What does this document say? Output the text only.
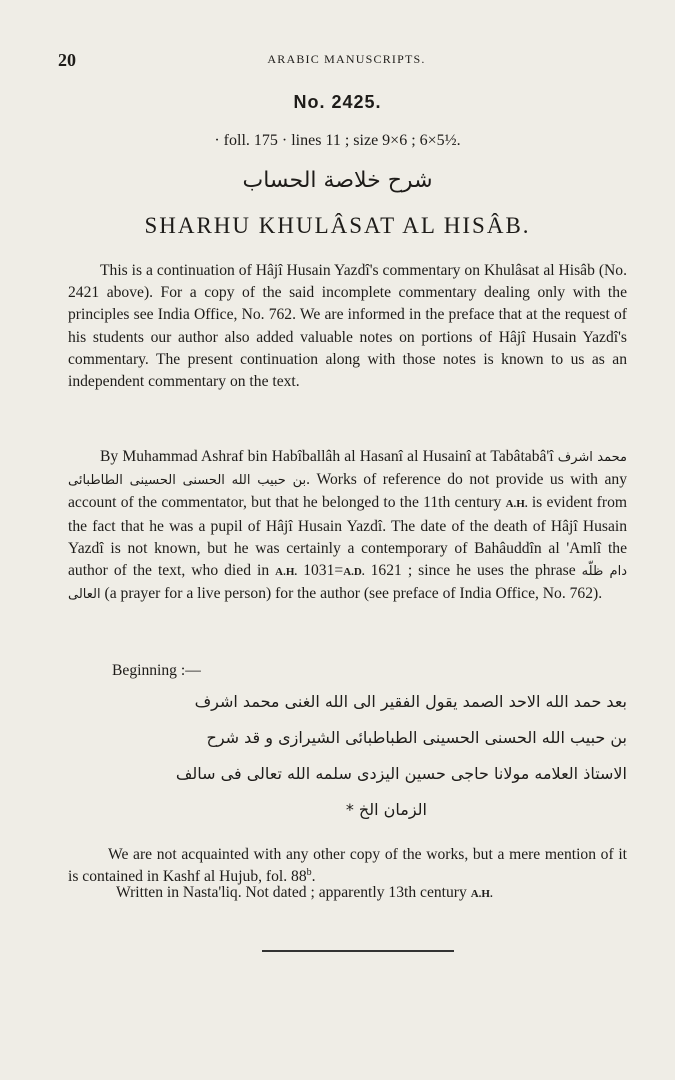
20	ARABIC MANUSCRIPTS.
No. 2425.
· foll. 175 · lines 11 ; size 9×6 ; 6×5½.
شرح خلاصة الحساب
SHARHU KHULÂSAT AL HISÂB.
This is a continuation of Hâjî Husain Yazdî's commentary on Khulâsat al Hisâb (No. 2421 above). For a copy of the said incomplete commentary dealing only with the principles see India Office, No. 762. We are informed in the preface that at the request of his students our author also added valuable notes on portions of Hâjî Husain Yazdî's commentary. The present continuation along with those notes is known to us as an independent commentary on the text.
By Muhammad Ashraf bin Habîballâh al Hasanî al Husainî at Tabâtabâ'î محمد اشرف بن حبيب الله الحسنى الحسينى الطاطبائى. Works of reference do not provide us with any account of the commentator, but that he belonged to the 11th century A.H. is evident from the fact that he was a pupil of Hâjî Husain Yazdî. The date of the death of Hâjî Husain Yazdî is not known, but he was certainly a contemporary of Bahâuddîn al 'Amlî the author of the text, who died in A.H. 1031=A.D. 1621 ; since he uses the phrase دام ظلّه العالى (a prayer for a live person) for the author (see preface of India Office, No. 762).
Beginning :—
بعد حمد الله الاحد الصمد يقول الفقير الى الله الغنى محمد اشرف
بن حبيب الله الحسنى الحسينى الطباطبائى الشيرازى و قد شرح
الاستاذ العلامه مولانا حاجى حسين اليزدى سلمه الله تعالى فى سالف
الزمان الخ *
We are not acquainted with any other copy of the works, but a mere mention of it is contained in Kashf al Hujub, fol. 88$^b$.
Written in Nasta'liq. Not dated ; apparently 13th century A.H.
